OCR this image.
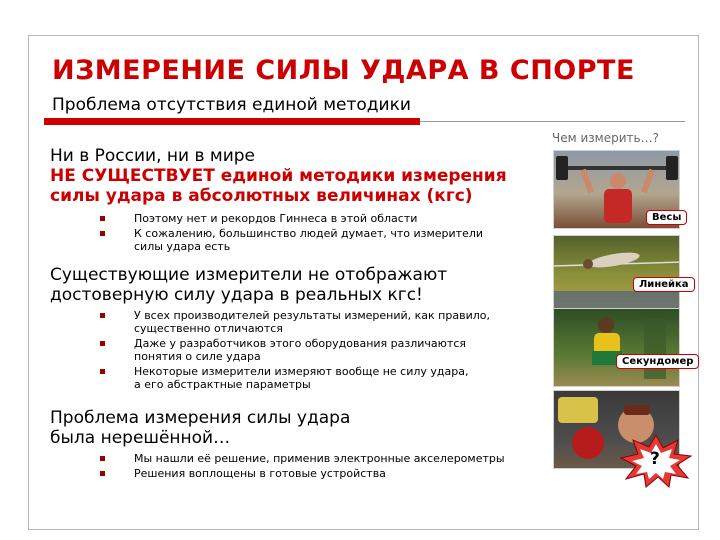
ИЗМЕРЕНИЕ СИЛЫ УДАРА В СПОРТЕ
Проблема отсутствия единой методики
Ни в России, ни в мире
НЕ СУЩЕСТВУЕТ единой методики измерения
силы удара в абсолютных величинах (кгс)
Поэтому нет и рекордов Гиннеса в этой области
К сожалению, большинство людей думает, что измерители
силы удара есть
Существующие измерители не отображают
достоверную силу удара в реальных кгс!
У всех производителей результаты измерений, как правило,
существенно отличаются
Даже у разработчиков этого оборудования различаются
понятия о силе удара
Некоторые измерители измеряют вообще не силу удара,
а его абстрактные параметры
Проблема измерения силы удара
была нерешённой…
Мы нашли её решение, применив электронные акселерометры
Решения воплощены в готовые устройства
Чем измерить…?
Весы
Линейка
Секундомер
?
